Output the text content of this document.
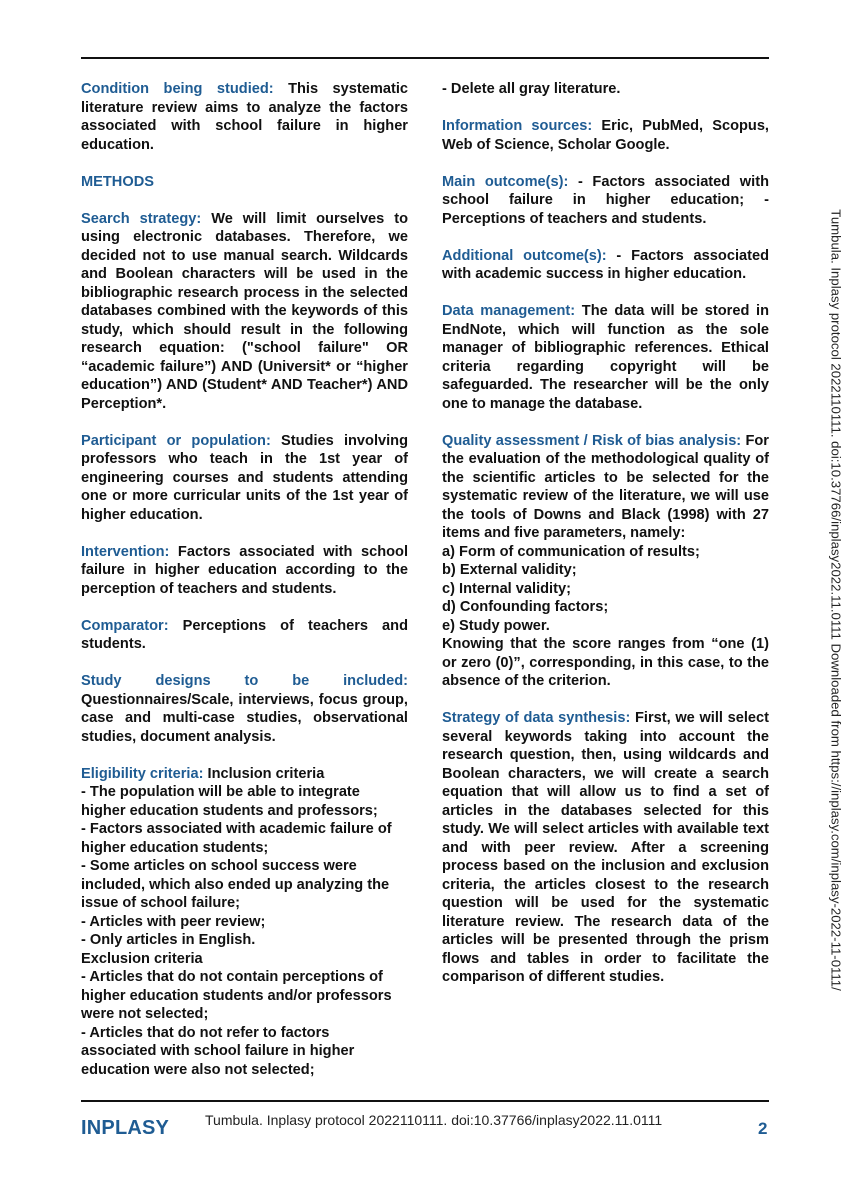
Condition being studied: This systematic literature review aims to analyze the factors associated with school failure in higher education.

METHODS

Search strategy: We will limit ourselves to using electronic databases. Therefore, we decided not to use manual search. Wildcards and Boolean characters will be used in the bibliographic research process in the selected databases combined with the keywords of this study, which should result in the following research equation: ("school failure" OR “academic failure”) AND (Universit* or “higher education”) AND (Student* AND Teacher*) AND Perception*.

Participant or population: Studies involving professors who teach in the 1st year of engineering courses and students attending one or more curricular units of the 1st year of higher education.

Intervention: Factors associated with school failure in higher education according to the perception of teachers and students.

Comparator: Perceptions of teachers and students.

Study designs to be included: Questionnaires/Scale, interviews, focus group, case and multi-case studies, observational studies, document analysis.

Eligibility criteria: Inclusion criteria
- The population will be able to integrate higher education students and professors;
- Factors associated with academic failure of higher education students;
- Some articles on school success were included, which also ended up analyzing the issue of school failure;
- Articles with peer review;
- Only articles in English.
Exclusion criteria
- Articles that do not contain perceptions of higher education students and/or professors were not selected;
- Articles that do not refer to factors associated with school failure in higher education were also not selected;
- Delete all gray literature.

Information sources: Eric, PubMed, Scopus, Web of Science, Scholar Google.

Main outcome(s): - Factors associated with school failure in higher education; - Perceptions of teachers and students.

Additional outcome(s): - Factors associated with academic success in higher education.

Data management: The data will be stored in EndNote, which will function as the sole manager of bibliographic references. Ethical criteria regarding copyright will be safeguarded. The researcher will be the only one to manage the database.

Quality assessment / Risk of bias analysis: For the evaluation of the methodological quality of the scientific articles to be selected for the systematic review of the literature, we will use the tools of Downs and Black (1998) with 27 items and five parameters, namely:
a) Form of communication of results;
b) External validity;
c) Internal validity;
d) Confounding factors;
e) Study power.
Knowing that the score ranges from “one (1) or zero (0)”, corresponding, in this case, to the absence of the criterion.

Strategy of data synthesis: First, we will select several keywords taking into account the research question, then, using wildcards and Boolean characters, we will create a search equation that will allow us to find a set of articles in the databases selected for this study. We will select articles with available text and with peer review. After a screening process based on the inclusion and exclusion criteria, the articles closest to the research question will be used for the systematic literature review. The research data of the articles will be presented through the prism flows and tables in order to facilitate the comparison of different studies.	Tumbula. Inplasy protocol 2022110111. doi:10.37766/inplasy2022.11.0111 Downloaded from https://inplasy.com/inplasy-2022-11-0111/
INPLASY	Tumbula. Inplasy protocol 2022110111. doi:10.37766/inplasy2022.11.0111	2
